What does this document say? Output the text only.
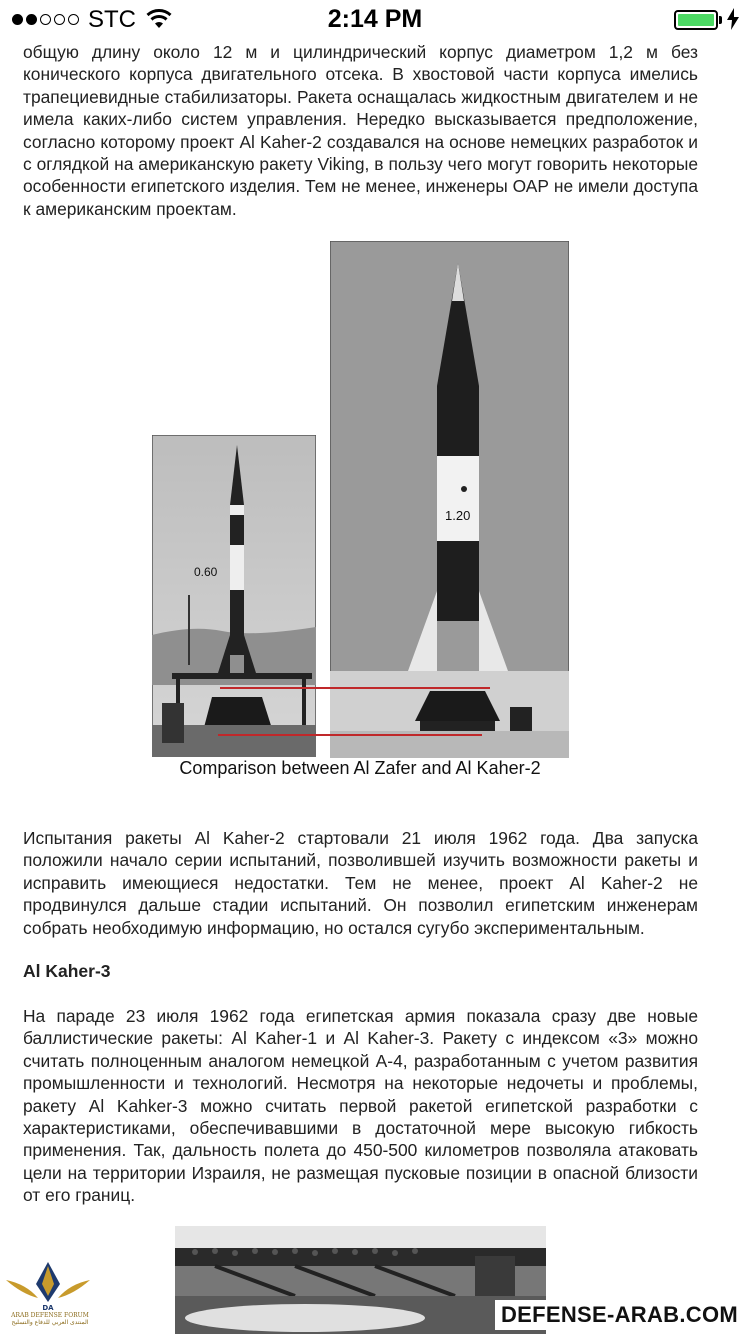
STC	2:14 PM

общую длину около 12 м и цилиндрический корпус диаметром 1,2 м без конического корпуса двигательного отсека. В хвостовой части корпуса имелись трапециевидные стабилизаторы. Ракета оснащалась жидкостным двигателем и не имела каких-либо систем управления. Нередко высказывается предположение, согласно которому проект Al Kaher-2 создавался на основе немецких разработок и с оглядкой на американскую ракету Viking, в пользу чего могут говорить некоторые особенности египетского изделия. Тем не менее, инженеры ОАР не имели доступа к американским проектам.

0.60
1.20
Comparison between Al Zafer and Al Kaher-2

Испытания ракеты Al Kaher-2 стартовали 21 июля 1962 года. Два запуска положили начало серии испытаний, позволившей изучить возможности ракеты и исправить имеющиеся недостатки. Тем не менее, проект Al Kaher-2 не продвинулся дальше стадии испытаний. Он позволил египетским инженерам собрать необходимую информацию, но остался сугубо экспериментальным.

Al Kaher-3

На параде 23 июля 1962 года египетская армия показала сразу две новые баллистические ракеты: Al Kaher-1 и Al Kaher-3. Ракету с индексом «3» можно считать полноценным аналогом немецкой А-4, разработанным с учетом развития промышленности и технологий. Несмотря на некоторые недочеты и проблемы, ракету Al Kahker-3 можно считать первой ракетой египетской разработки с характеристиками, обеспечивавшими в достаточной мере высокую гибкость применения. Так, дальность полета до 450-500 километров позволяла атаковать цели на территории Израиля, не размещая пусковые позиции в опасной близости от его границ.

DA
ARAB DEFENSE FORUM
المنتدى العربي للدفاع والتسليح	DEFENSE-ARAB.COM
